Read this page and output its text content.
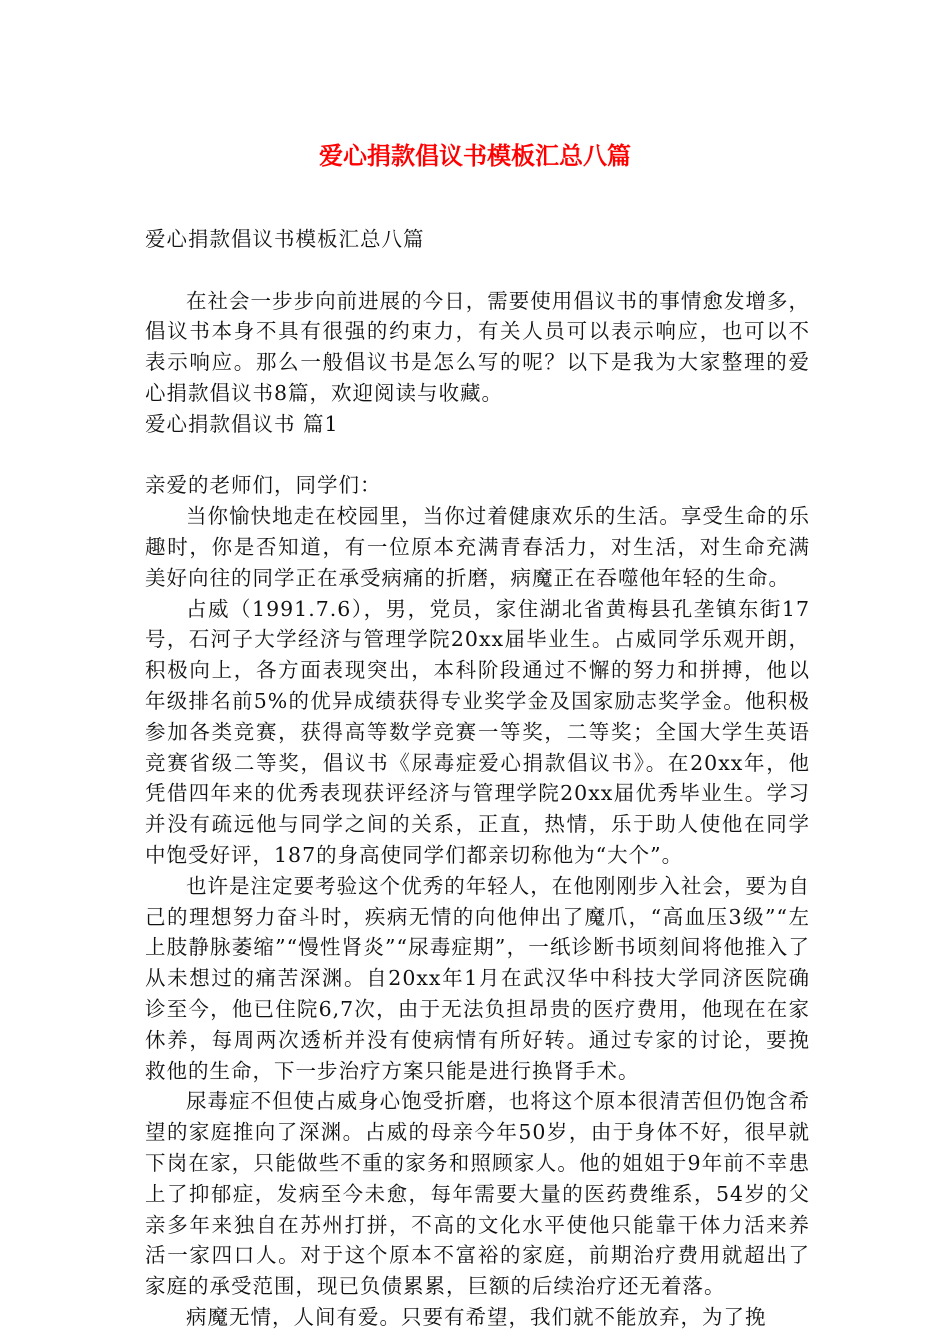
爱心捐款倡议书模板汇总八篇

爱心捐款倡议书模板汇总八篇

在社会一步步向前进展的今日，需要使用倡议书的事情愈发增多，倡议书本身不具有很强的约束力，有关人员可以表示响应，也可以不表示响应。那么一般倡议书是怎么写的呢？以下是我为大家整理的爱心捐款倡议书8篇，欢迎阅读与收藏。

爱心捐款倡议书 篇1

亲爱的老师们，同学们：

当你愉快地走在校园里，当你过着健康欢乐的生活。享受生命的乐趣时，你是否知道，有一位原本充满青春活力，对生活，对生命充满美好向往的同学正在承受病痛的折磨，病魔正在吞噬他年轻的生命。

占威（1991.7.6），男，党员，家住湖北省黄梅县孔垄镇东街17号，石河子大学经济与管理学院20xx届毕业生。占威同学乐观开朗，积极向上，各方面表现突出，本科阶段通过不懈的努力和拼搏，他以年级排名前5%的优异成绩获得专业奖学金及国家励志奖学金。他积极参加各类竞赛，获得高等数学竞赛一等奖，二等奖；全国大学生英语竞赛省级二等奖，倡议书《尿毒症爱心捐款倡议书》。在20xx年，他凭借四年来的优秀表现获评经济与管理学院20xx届优秀毕业生。学习并没有疏远他与同学之间的关系，正直，热情，乐于助人使他在同学中饱受好评，187的身高使同学们都亲切称他为“大个”。

也许是注定要考验这个优秀的年轻人，在他刚刚步入社会，要为自己的理想努力奋斗时，疾病无情的向他伸出了魔爪，“高血压3级”“左上肢静脉萎缩”“慢性肾炎”“尿毒症期”，一纸诊断书顷刻间将他推入了从未想过的痛苦深渊。自20xx年1月在武汉华中科技大学同济医院确诊至今，他已住院6,7次，由于无法负担昂贵的医疗费用，他现在在家休养，每周两次透析并没有使病情有所好转。通过专家的讨论，要挽救他的生命，下一步治疗方案只能是进行换肾手术。

尿毒症不但使占威身心饱受折磨，也将这个原本很清苦但仍饱含希望的家庭推向了深渊。占威的母亲今年50岁，由于身体不好，很早就下岗在家，只能做些不重的家务和照顾家人。他的姐姐于9年前不幸患上了抑郁症，发病至今未愈，每年需要大量的医药费维系，54岁的父亲多年来独自在苏州打拼，不高的文化水平使他只能靠干体力活来养活一家四口人。对于这个原本不富裕的家庭，前期治疗费用就超出了家庭的承受范围，现已负债累累，巨额的后续治疗还无着落。

病魔无情，人间有爱。只要有希望，我们就不能放弃，为了挽
